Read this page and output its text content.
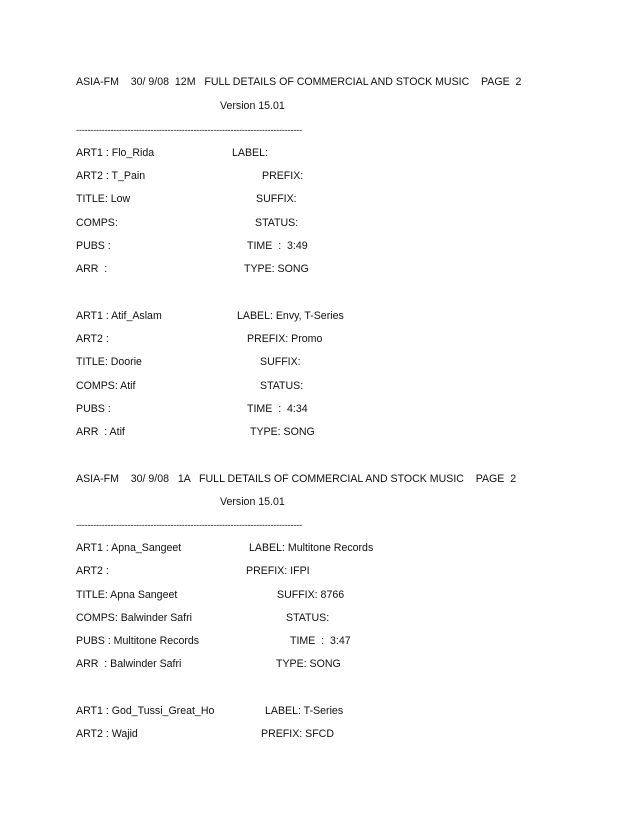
ASIA-FM    30/ 9/08  12M   FULL DETAILS OF COMMERCIAL AND STOCK MUSIC    PAGE  2
Version 15.01
-------------------------------------------------------------------------------
ART1 : Flo_Rida	LABEL:
ART2 : T_Pain	PREFIX:
TITLE: Low	SUFFIX:
COMPS:	STATUS:
PUBS :	TIME  :  3:49
ARR  :	TYPE: SONG
ART1 : Atif_Aslam	LABEL: Envy, T-Series
ART2 :	PREFIX: Promo
TITLE: Doorie	SUFFIX:
COMPS: Atif	STATUS:
PUBS :	TIME  :  4:34
ARR  : Atif	TYPE: SONG
ASIA-FM    30/ 9/08   1A   FULL DETAILS OF COMMERCIAL AND STOCK MUSIC    PAGE  2
Version 15.01
-------------------------------------------------------------------------------
ART1 : Apna_Sangeet	LABEL: Multitone Records
ART2 :	PREFIX: IFPI
TITLE: Apna Sangeet	SUFFIX: 8766
COMPS: Balwinder Safri	STATUS:
PUBS : Multitone Records	TIME  :  3:47
ARR  : Balwinder Safri	TYPE: SONG
ART1 : God_Tussi_Great_Ho	LABEL: T-Series
ART2 : Wajid	PREFIX: SFCD
